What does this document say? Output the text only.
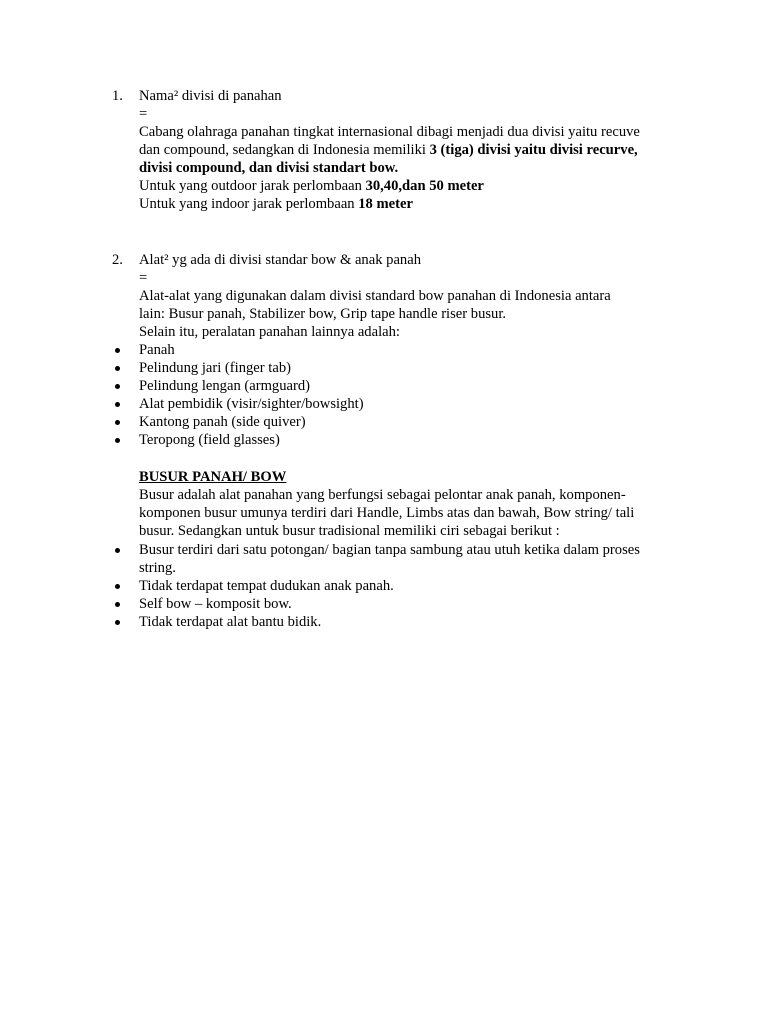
1. Nama² divisi di panahan
=
Cabang olahraga panahan tingkat internasional dibagi menjadi dua divisi yaitu recuve
dan compound, sedangkan di Indonesia memiliki 3 (tiga) divisi yaitu divisi recurve,
divisi compound, dan divisi standart bow.
Untuk yang outdoor jarak perlombaan 30,40,dan 50 meter
Untuk yang indoor jarak perlombaan 18 meter
2. Alat² yg ada di divisi standar bow & anak panah
=
Alat-alat yang digunakan dalam divisi standard bow panahan di Indonesia antara
lain: Busur panah, Stabilizer bow, Grip tape handle riser busur.
Selain itu, peralatan panahan lainnya adalah:
Panah
Pelindung jari (finger tab)
Pelindung lengan (armguard)
Alat pembidik (visir/sighter/bowsight)
Kantong panah (side quiver)
Teropong (field glasses)
BUSUR PANAH/ BOW
Busur adalah alat panahan yang berfungsi sebagai pelontar anak panah, komponen-
komponen busur umunya terdiri dari Handle, Limbs atas dan bawah, Bow string/ tali
busur. Sedangkan untuk busur tradisional memiliki ciri sebagai berikut :
Busur terdiri dari satu potongan/ bagian tanpa sambung atau utuh ketika dalam proses
string.
Tidak terdapat tempat dudukan anak panah.
Self bow – komposit bow.
Tidak terdapat alat bantu bidik.
